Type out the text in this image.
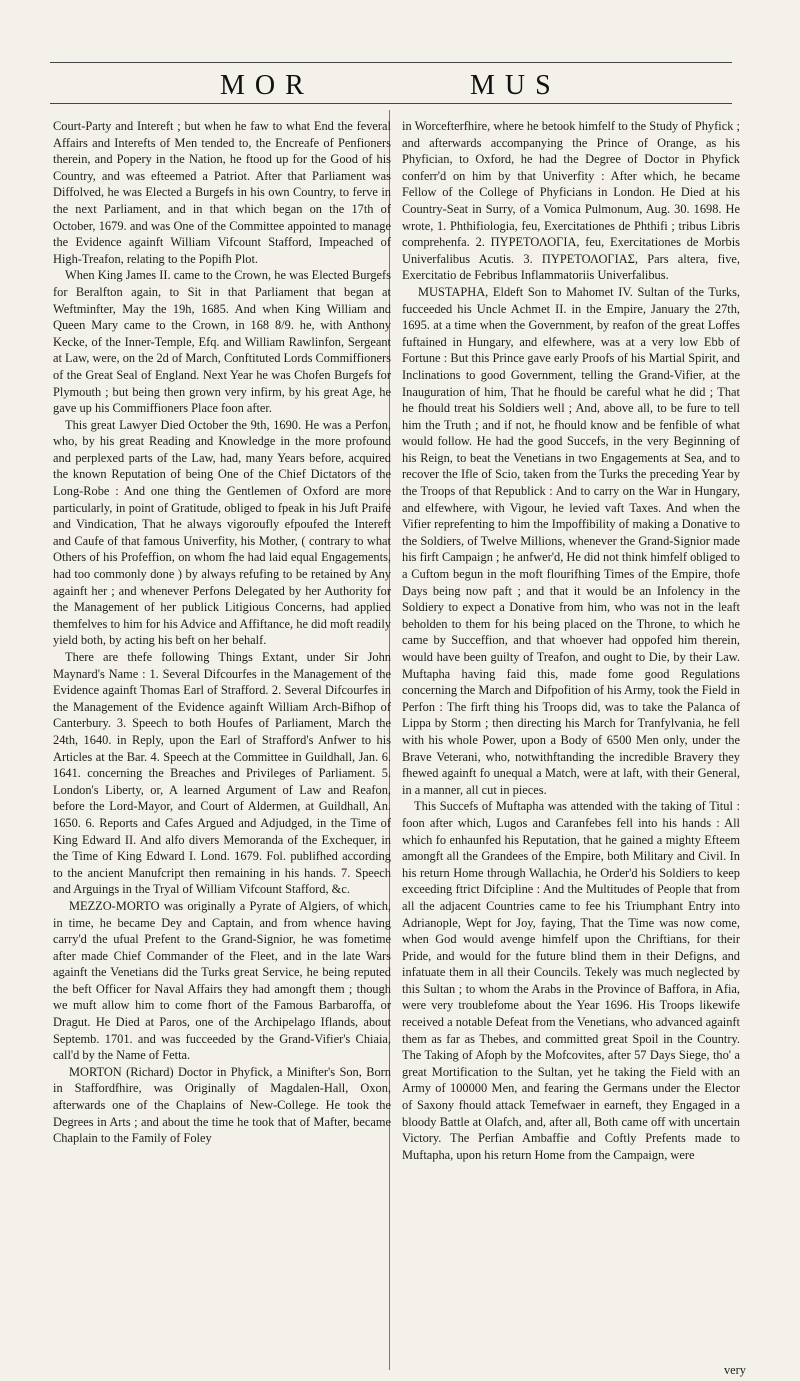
MOR	MUS

Court-Party and Intereft ; but when he faw to what End the feveral Affairs and Interefts of Men tended to, the Encreafe of Penfioners therein, and Popery in the Nation, he ftood up for the Good of his Country, and was efteemed a Patriot. After that Parliament was Diffolved, he was Elected a Burgefs in his own Country, to ferve in the next Parliament, and in that which began on the 17th of October, 1679. and was One of the Committee appointed to manage the Evidence againft William Vifcount Stafford, Impeached of High-Treafon, relating to the Popifh Plot.

When King James II. came to the Crown, he was Elected Burgefs for Beralfton again, to Sit in that Parliament that began at Weftminfter, May the 19h, 1685. And when King William and Queen Mary came to the Crown, in 168 8/9. he, with Anthony Kecke, of the Inner-Temple, Efq. and William Rawlinfon, Sergeant at Law, were, on the 2d of March, Conftituted Lords Commiffioners of the Great Seal of England. Next Year he was Chofen Burgefs for Plymouth ; but being then grown very infirm, by his great Age, he gave up his Commiffioners Place foon after.

This great Lawyer Died October the 9th, 1690. He was a Perfon, who, by his great Reading and Knowledge in the more profound and perplexed parts of the Law, had, many Years before, acquired the known Reputation of being One of the Chief Dictators of the Long-Robe : And one thing the Gentlemen of Oxford are more particularly, in point of Gratitude, obliged to fpeak in his Juft Praife and Vindication, That he always vigoroufly efpoufed the Intereft and Caufe of that famous Univerfity, his Mother, ( contrary to what Others of his Profeffion, on whom fhe had laid equal Engagements, had too commonly done ) by always refufing to be retained by Any againft her ; and whenever Perfons Delegated by her Authority for the Management of her publick Litigious Concerns, had applied themfelves to him for his Advice and Affiftance, he did moft readily yield both, by acting his beft on her behalf.

There are thefe following Things Extant, under Sir John Maynard's Name : 1. Several Difcourfes in the Management of the Evidence againft Thomas Earl of Strafford. 2. Several Difcourfes in the Management of the Evidence againft William Arch-Bifhop of Canterbury. 3. Speech to both Houfes of Parliament, March the 24th, 1640. in Reply, upon the Earl of Strafford's Anfwer to his Articles at the Bar. 4. Speech at the Committee in Guildhall, Jan. 6. 1641. concerning the Breaches and Privileges of Parliament. 5. London's Liberty, or, A learned Argument of Law and Reafon, before the Lord-Mayor, and Court of Aldermen, at Guildhall, An. 1650. 6. Reports and Cafes Argued and Adjudged, in the Time of King Edward II. And alfo divers Memoranda of the Exchequer, in the Time of King Edward I. Lond. 1679. Fol. publifhed according to the ancient Manufcript then remaining in his hands. 7. Speech and Arguings in the Tryal of William Vifcount Stafford, &c.

MEZZO-MORTO was originally a Pyrate of Algiers, of which, in time, he became Dey and Captain, and from whence having carry'd the ufual Prefent to the Grand-Signior, he was fometime after made Chief Commander of the Fleet, and in the late Wars againft the Venetians did the Turks great Service, he being reputed the beft Officer for Naval Affairs they had amongft them ; though we muft allow him to come fhort of the Famous Barbaroffa, or Dragut. He Died at Paros, one of the Archipelago Iflands, about Septemb. 1701. and was fucceeded by the Grand-Vifier's Chiaia, call'd by the Name of Fetta.

MORTON (Richard) Doctor in Phyfick, a Minifter's Son, Born in Staffordfhire, was Originally of Magdalen-Hall, Oxon, afterwards one of the Chaplains of New-College. He took the Degrees in Arts ; and about the time he took that of Mafter, became Chaplain to the Family of Foley

in Worcefterfhire, where he betook himfelf to the Study of Phyfick ; and afterwards accompanying the Prince of Orange, as his Phyfician, to Oxford, he had the Degree of Doctor in Phyfick conferr'd on him by that Univerfity : After which, he became Fellow of the College of Phyficians in London. He Died at his Country-Seat in Surry, of a Vomica Pulmonum, Aug. 30. 1698. He wrote, 1. Phthifiologia, feu, Exercitationes de Phthifi ; tribus Libris comprehenfa. 2. ΠΥΡΕΤΟΛΟΓΙΑ, feu, Exercitationes de Morbis Univerfalibus Acutis. 3. ΠΥΡΕΤΟΛΟΓΙΑΣ, Pars altera, five, Exercitatio de Febribus Inflammatoriis Univerfalibus.

MUSTAPHA, Eldeft Son to Mahomet IV. Sultan of the Turks, fucceeded his Uncle Achmet II. in the Empire, January the 27th, 1695. at a time when the Government, by reafon of the great Loffes fuftained in Hungary, and elfewhere, was at a very low Ebb of Fortune : But this Prince gave early Proofs of his Martial Spirit, and Inclinations to good Government, telling the Grand-Vifier, at the Inauguration of him, That he fhould be careful what he did ; That he fhould treat his Soldiers well ; And, above all, to be fure to tell him the Truth ; and if not, he fhould know and be fenfible of what would follow. He had the good Succefs, in the very Beginning of his Reign, to beat the Venetians in two Engagements at Sea, and to recover the Ifle of Scio, taken from the Turks the preceding Year by the Troops of that Republick : And to carry on the War in Hungary, and elfewhere, with Vigour, he levied vaft Taxes. And when the Vifier reprefenting to him the Impoffibility of making a Donative to the Soldiers, of Twelve Millions, whenever the Grand-Signior made his firft Campaign ; he anfwer'd, He did not think himfelf obliged to a Cuftom begun in the moft flourifhing Times of the Empire, thofe Days being now paft ; and that it would be an Infolency in the Soldiery to expect a Donative from him, who was not in the leaft beholden to them for his being placed on the Throne, to which he came by Succeffion, and that whoever had oppofed him therein, would have been guilty of Treafon, and ought to Die, by their Law. Muftapha having faid this, made fome good Regulations concerning the March and Difpofition of his Army, took the Field in Perfon : The firft thing his Troops did, was to take the Palanca of Lippa by Storm ; then directing his March for Tranfylvania, he fell with his whole Power, upon a Body of 6500 Men only, under the Brave Veterani, who, notwithftanding the incredible Bravery they fhewed againft fo unequal a Match, were at laft, with their General, in a manner, all cut in pieces.

This Succefs of Muftapha was attended with the taking of Titul : foon after which, Lugos and Caranfebes fell into his hands : All which fo enhaunfed his Reputation, that he gained a mighty Efteem amongft all the Grandees of the Empire, both Military and Civil. In his return Home through Wallachia, he Order'd his Soldiers to keep exceeding ftrict Difcipline : And the Multitudes of People that from all the adjacent Countries came to fee his Triumphant Entry into Adrianople, Wept for Joy, faying, That the Time was now come, when God would avenge himfelf upon the Chriftians, for their Pride, and would for the future blind them in their Defigns, and infatuate them in all their Councils. Tekely was much neglected by this Sultan ; to whom the Arabs in the Province of Baffora, in Afia, were very troublefome about the Year 1696. His Troops likewife received a notable Defeat from the Venetians, who advanced againft them as far as Thebes, and committed great Spoil in the Country. The Taking of Afoph by the Mofcovites, after 57 Days Siege, tho' a great Mortification to the Sultan, yet he taking the Field with an Army of 100000 Men, and fearing the Germans under the Elector of Saxony fhould attack Temefwaer in earneft, they Engaged in a bloody Battle at Olafch, and, after all, Both came off with uncertain Victory. The Perfian Ambaffie and Coftly Prefents made to Muftapha, upon his return Home from the Campaign, were

very
